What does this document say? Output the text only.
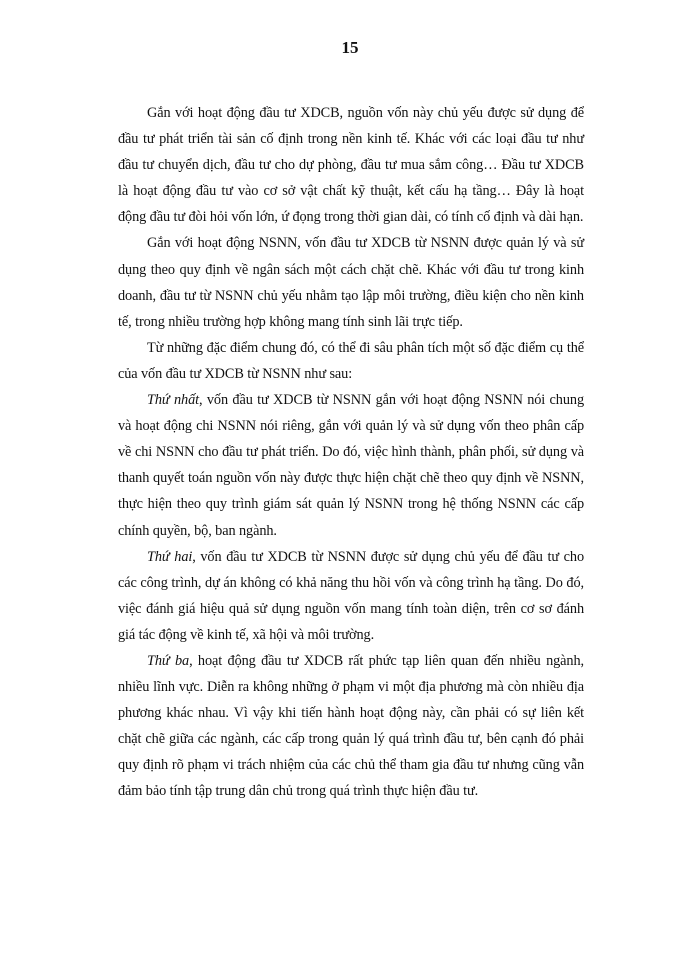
15

Gắn với hoạt động đầu tư XDCB, nguồn vốn này chủ yếu được sử dụng để đầu tư phát triển tài sản cố định trong nền kinh tế. Khác với các loại đầu tư như đầu tư chuyển dịch, đầu tư cho dự phòng, đầu tư mua sắm công… Đầu tư XDCB là hoạt động đầu tư vào cơ sở vật chất kỹ thuật, kết cấu hạ tầng… Đây là hoạt động đầu tư đòi hỏi vốn lớn, ứ đọng trong thời gian dài, có tính cố định và dài hạn.

Gắn với hoạt động NSNN, vốn đầu tư XDCB từ NSNN được quản lý và sử dụng theo quy định về ngân sách một cách chặt chẽ. Khác với đầu tư trong kinh doanh, đầu tư từ NSNN chủ yếu nhằm tạo lập môi trường, điều kiện cho nền kinh tế, trong nhiều trường hợp không mang tính sinh lãi trực tiếp.

Từ những đặc điểm chung đó, có thể đi sâu phân tích một số đặc điểm cụ thể của vốn đầu tư XDCB từ NSNN như sau:

Thứ nhất, vốn đầu tư XDCB từ NSNN gắn với hoạt động NSNN nói chung và hoạt động chi NSNN nói riêng, gắn với quản lý và sử dụng vốn theo phân cấp về chi NSNN cho đầu tư phát triển. Do đó, việc hình thành, phân phối, sử dụng và thanh quyết toán nguồn vốn này được thực hiện chặt chẽ theo quy định về NSNN, thực hiện theo quy trình giám sát quản lý NSNN trong hệ thống NSNN các cấp chính quyền, bộ, ban ngành.

Thứ hai, vốn đầu tư XDCB từ NSNN được sử dụng chủ yếu để đầu tư cho các công trình, dự án không có khả năng thu hồi vốn và công trình hạ tầng. Do đó, việc đánh giá hiệu quả sử dụng nguồn vốn mang tính toàn diện, trên cơ sơ đánh giá tác động về kinh tế, xã hội và môi trường.

Thứ ba, hoạt động đầu tư XDCB rất phức tạp liên quan đến nhiều ngành, nhiều lĩnh vực. Diễn ra không những ở phạm vi một địa phương mà còn nhiều địa phương khác nhau. Vì vậy khi tiến hành hoạt động này, cần phải có sự liên kết chặt chẽ giữa các ngành, các cấp trong quản lý quá trình đầu tư, bên cạnh đó phải quy định rõ phạm vi trách nhiệm của các chủ thể tham gia đầu tư nhưng cũng vẫn đảm bảo tính tập trung dân chủ trong quá trình thực hiện đầu tư.
